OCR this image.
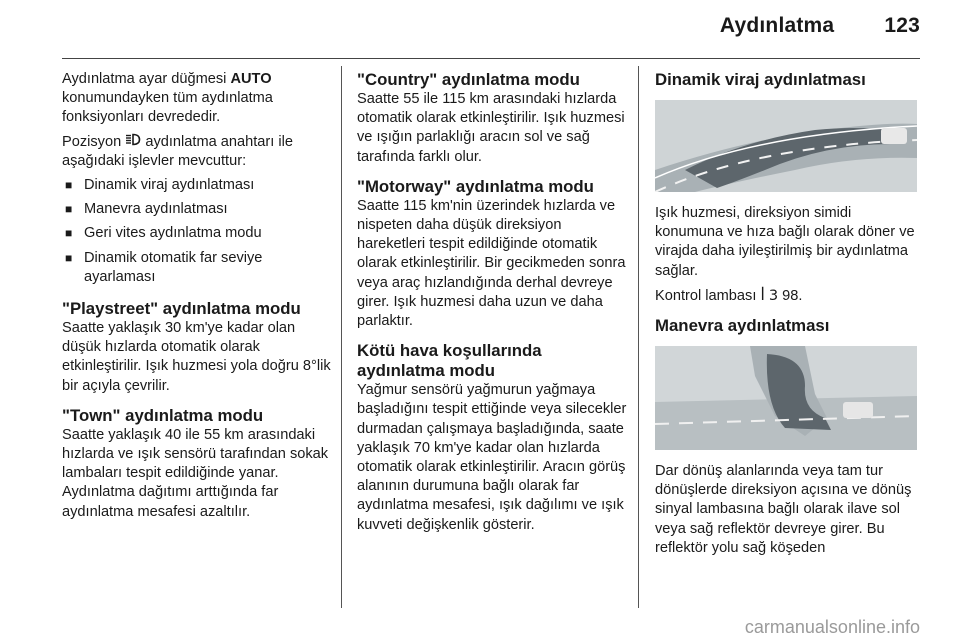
Aydınlatma 123

Aydınlatma ayar düğmesi AUTO konumundayken tüm aydınlatma fonksiyonları devrededir.

Pozisyon  aydınlatma anahtarı ile aşağıdaki işlevler mevcuttur:

■ Dinamik viraj aydınlatması
■ Manevra aydınlatması
■ Geri vites aydınlatma modu
■ Dinamik otomatik far seviye ayarlaması
"Playstreet" aydınlatma modu

Saatte yaklaşık 30 km'ye kadar olan düşük hızlarda otomatik olarak etkinleştirilir. Işık huzmesi yola doğru 8°lik bir açıyla çevrilir.

"Town" aydınlatma modu

Saatte yaklaşık 40 ile 55 km arasındaki hızlarda ve ışık sensörü tarafından sokak lambaları tespit edildiğinde yanar. Aydınlatma dağıtımı arttığında far aydınlatma mesafesi azaltılır.

"Country" aydınlatma modu

Saatte 55 ile 115 km arasındaki hızlarda otomatik olarak etkinleştirilir. Işık huzmesi ve ışığın parlaklığı aracın sol ve sağ tarafında farklı olur.

"Motorway" aydınlatma modu

Saatte 115 km'nin üzerindek hızlarda ve nispeten daha düşük direksiyon hareketleri tespit edildiğinde otomatik olarak etkinleştirilir. Bir gecikmeden sonra veya araç hızlandığında derhal devreye girer. Işık huzmesi daha uzun ve daha parlaktır.

Kötü hava koşullarında aydınlatma modu

Yağmur sensörü yağmurun yağmaya başladığını tespit ettiğinde veya silecekler durmadan çalışmaya başladığında, saate yaklaşık 70 km'ye kadar olan hızlarda otomatik olarak etkinleştirilir. Aracın görüş alanının durumuna bağlı olarak far aydınlatma mesafesi, ışık dağılımı ve ışık kuvveti değişkenlik gösterir.

Dinamik viraj aydınlatması

Işık huzmesi, direksiyon simidi konumuna ve hıza bağlı olarak döner ve virajda daha iyileştirilmiş bir aydınlatma sağlar.

Kontrol lambası ꟾ 3 98.

Manevra aydınlatması

Dar dönüş alanlarında veya tam tur dönüşlerde direksiyon açısına ve dönüş sinyal lambasına bağlı olarak ilave sol veya sağ reflektör devreye girer. Bu reflektör yolu sağ köşeden

carmanualsonline.info
